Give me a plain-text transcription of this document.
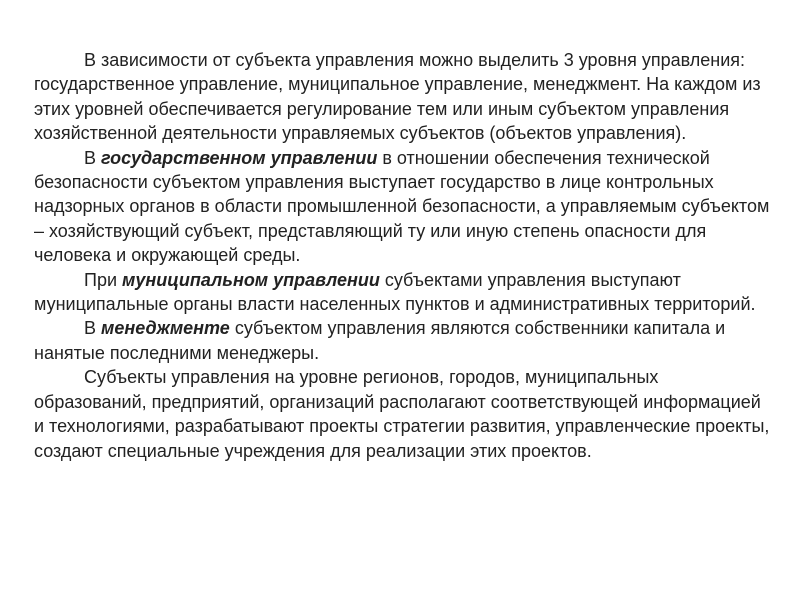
В зависимости от субъекта управления можно выделить 3 уровня управления: государственное управление, муниципальное управление, менеджмент. На каждом из этих уровней обеспечивается регулирование тем или иным субъектом управления хозяйственной деятельности управляемых субъектов (объектов управления).

В государственном управлении в отношении обеспечения технической безопасности субъектом управления выступает государство в лице контрольных надзорных органов в области промышленной безопасности, а управляемым субъектом – хозяйствующий субъект, представляющий ту или иную степень опасности для человека и окружающей среды.

При муниципальном управлении субъектами управления выступают муниципальные органы власти населенных пунктов и административных территорий.

В менеджменте субъектом управления являются собственники капитала и нанятые последними менеджеры.

Субъекты управления на уровне регионов, городов, муниципальных образований, предприятий, организаций располагают соответствующей информацией и технологиями, разрабатывают проекты стратегии развития, управленческие проекты, создают специальные учреждения для реализации этих проектов.
